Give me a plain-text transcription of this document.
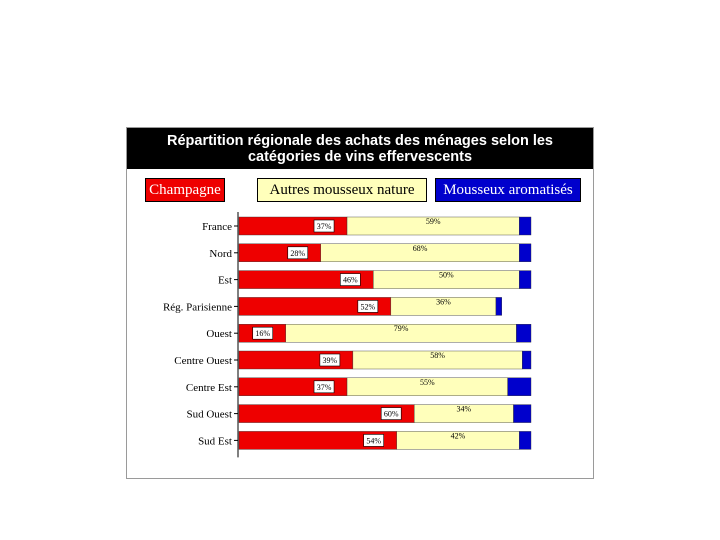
Répartition régionale des achats des ménages selon les
catégories de vins effervescents
Champagne	Autres mousseux nature	Mousseux aromatisés
France	37%
59%
Nord	28%
68%
Est	46%
50%
Rég. Parisienne	52%
36%
Ouest	16%
79%
Centre Ouest	39%
58%
Centre Est	37%
55%
Sud Ouest	60%
34%
Sud Est	54%
42%
